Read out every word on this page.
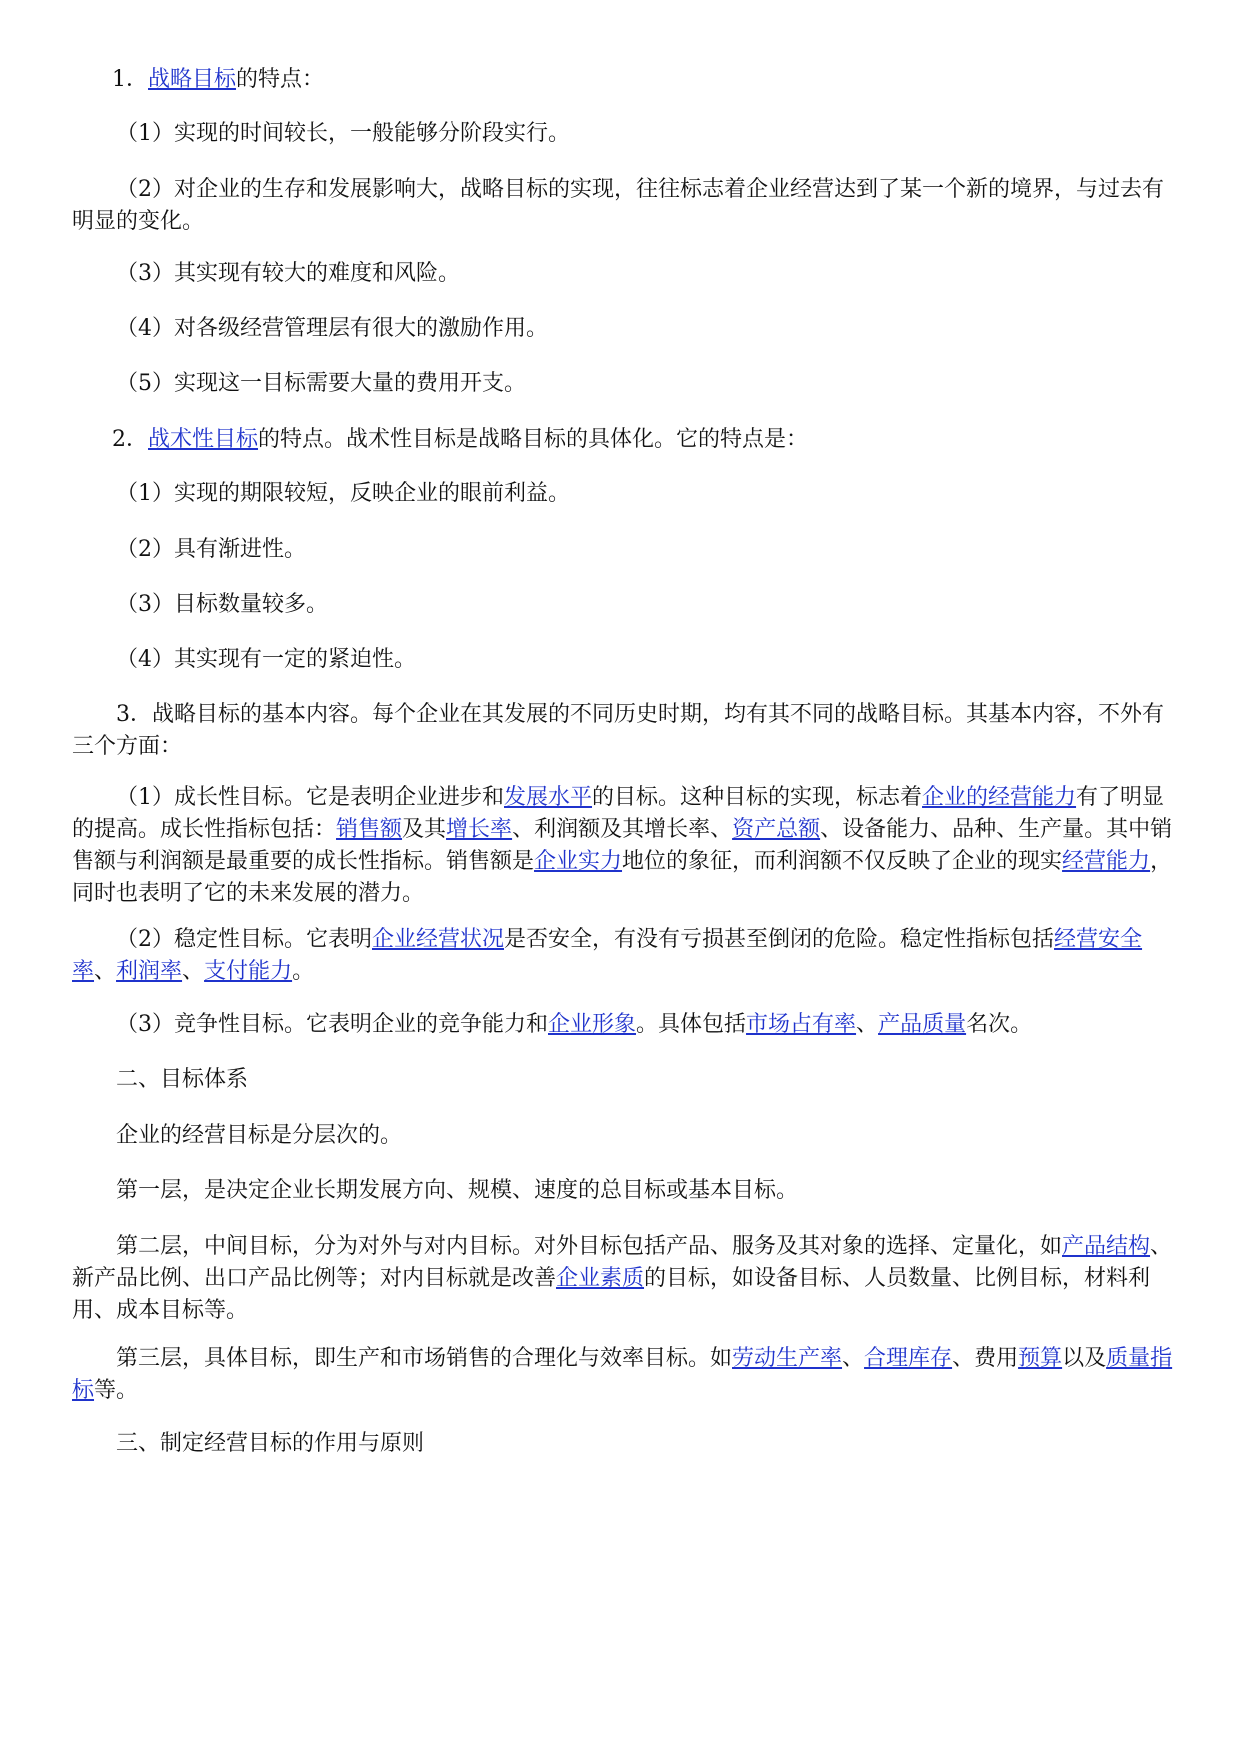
1．战略目标的特点：

（1）实现的时间较长，一般能够分阶段实行。

（2）对企业的生存和发展影响大，战略目标的实现，往往标志着企业经营达到了某一个新的境界，与过去有明显的变化。

（3）其实现有较大的难度和风险。

（4）对各级经营管理层有很大的激励作用。

（5）实现这一目标需要大量的费用开支。

2．战术性目标的特点。战术性目标是战略目标的具体化。它的特点是：

（1）实现的期限较短，反映企业的眼前利益。

（2）具有渐进性。

（3）目标数量较多。

（4）其实现有一定的紧迫性。

3．战略目标的基本内容。每个企业在其发展的不同历史时期，均有其不同的战略目标。其基本内容，不外有三个方面：

（1）成长性目标。它是表明企业进步和发展水平的目标。这种目标的实现，标志着企业的经营能力有了明显的提高。成长性指标包括：销售额及其增长率、利润额及其增长率、资产总额、设备能力、品种、生产量。其中销售额与利润额是最重要的成长性指标。销售额是企业实力地位的象征，而利润额不仅反映了企业的现实经营能力，同时也表明了它的未来发展的潜力。

（2）稳定性目标。它表明企业经营状况是否安全，有没有亏损甚至倒闭的危险。稳定性指标包括经营安全率、利润率、支付能力。

（3）竞争性目标。它表明企业的竞争能力和企业形象。具体包括市场占有率、产品质量名次。

二、目标体系

企业的经营目标是分层次的。

第一层，是决定企业长期发展方向、规模、速度的总目标或基本目标。

第二层，中间目标，分为对外与对内目标。对外目标包括产品、服务及其对象的选择、定量化，如产品结构、新产品比例、出口产品比例等；对内目标就是改善企业素质的目标，如设备目标、人员数量、比例目标，材料利用、成本目标等。

第三层，具体目标，即生产和市场销售的合理化与效率目标。如劳动生产率、合理库存、费用预算以及质量指标等。

三、制定经营目标的作用与原则
